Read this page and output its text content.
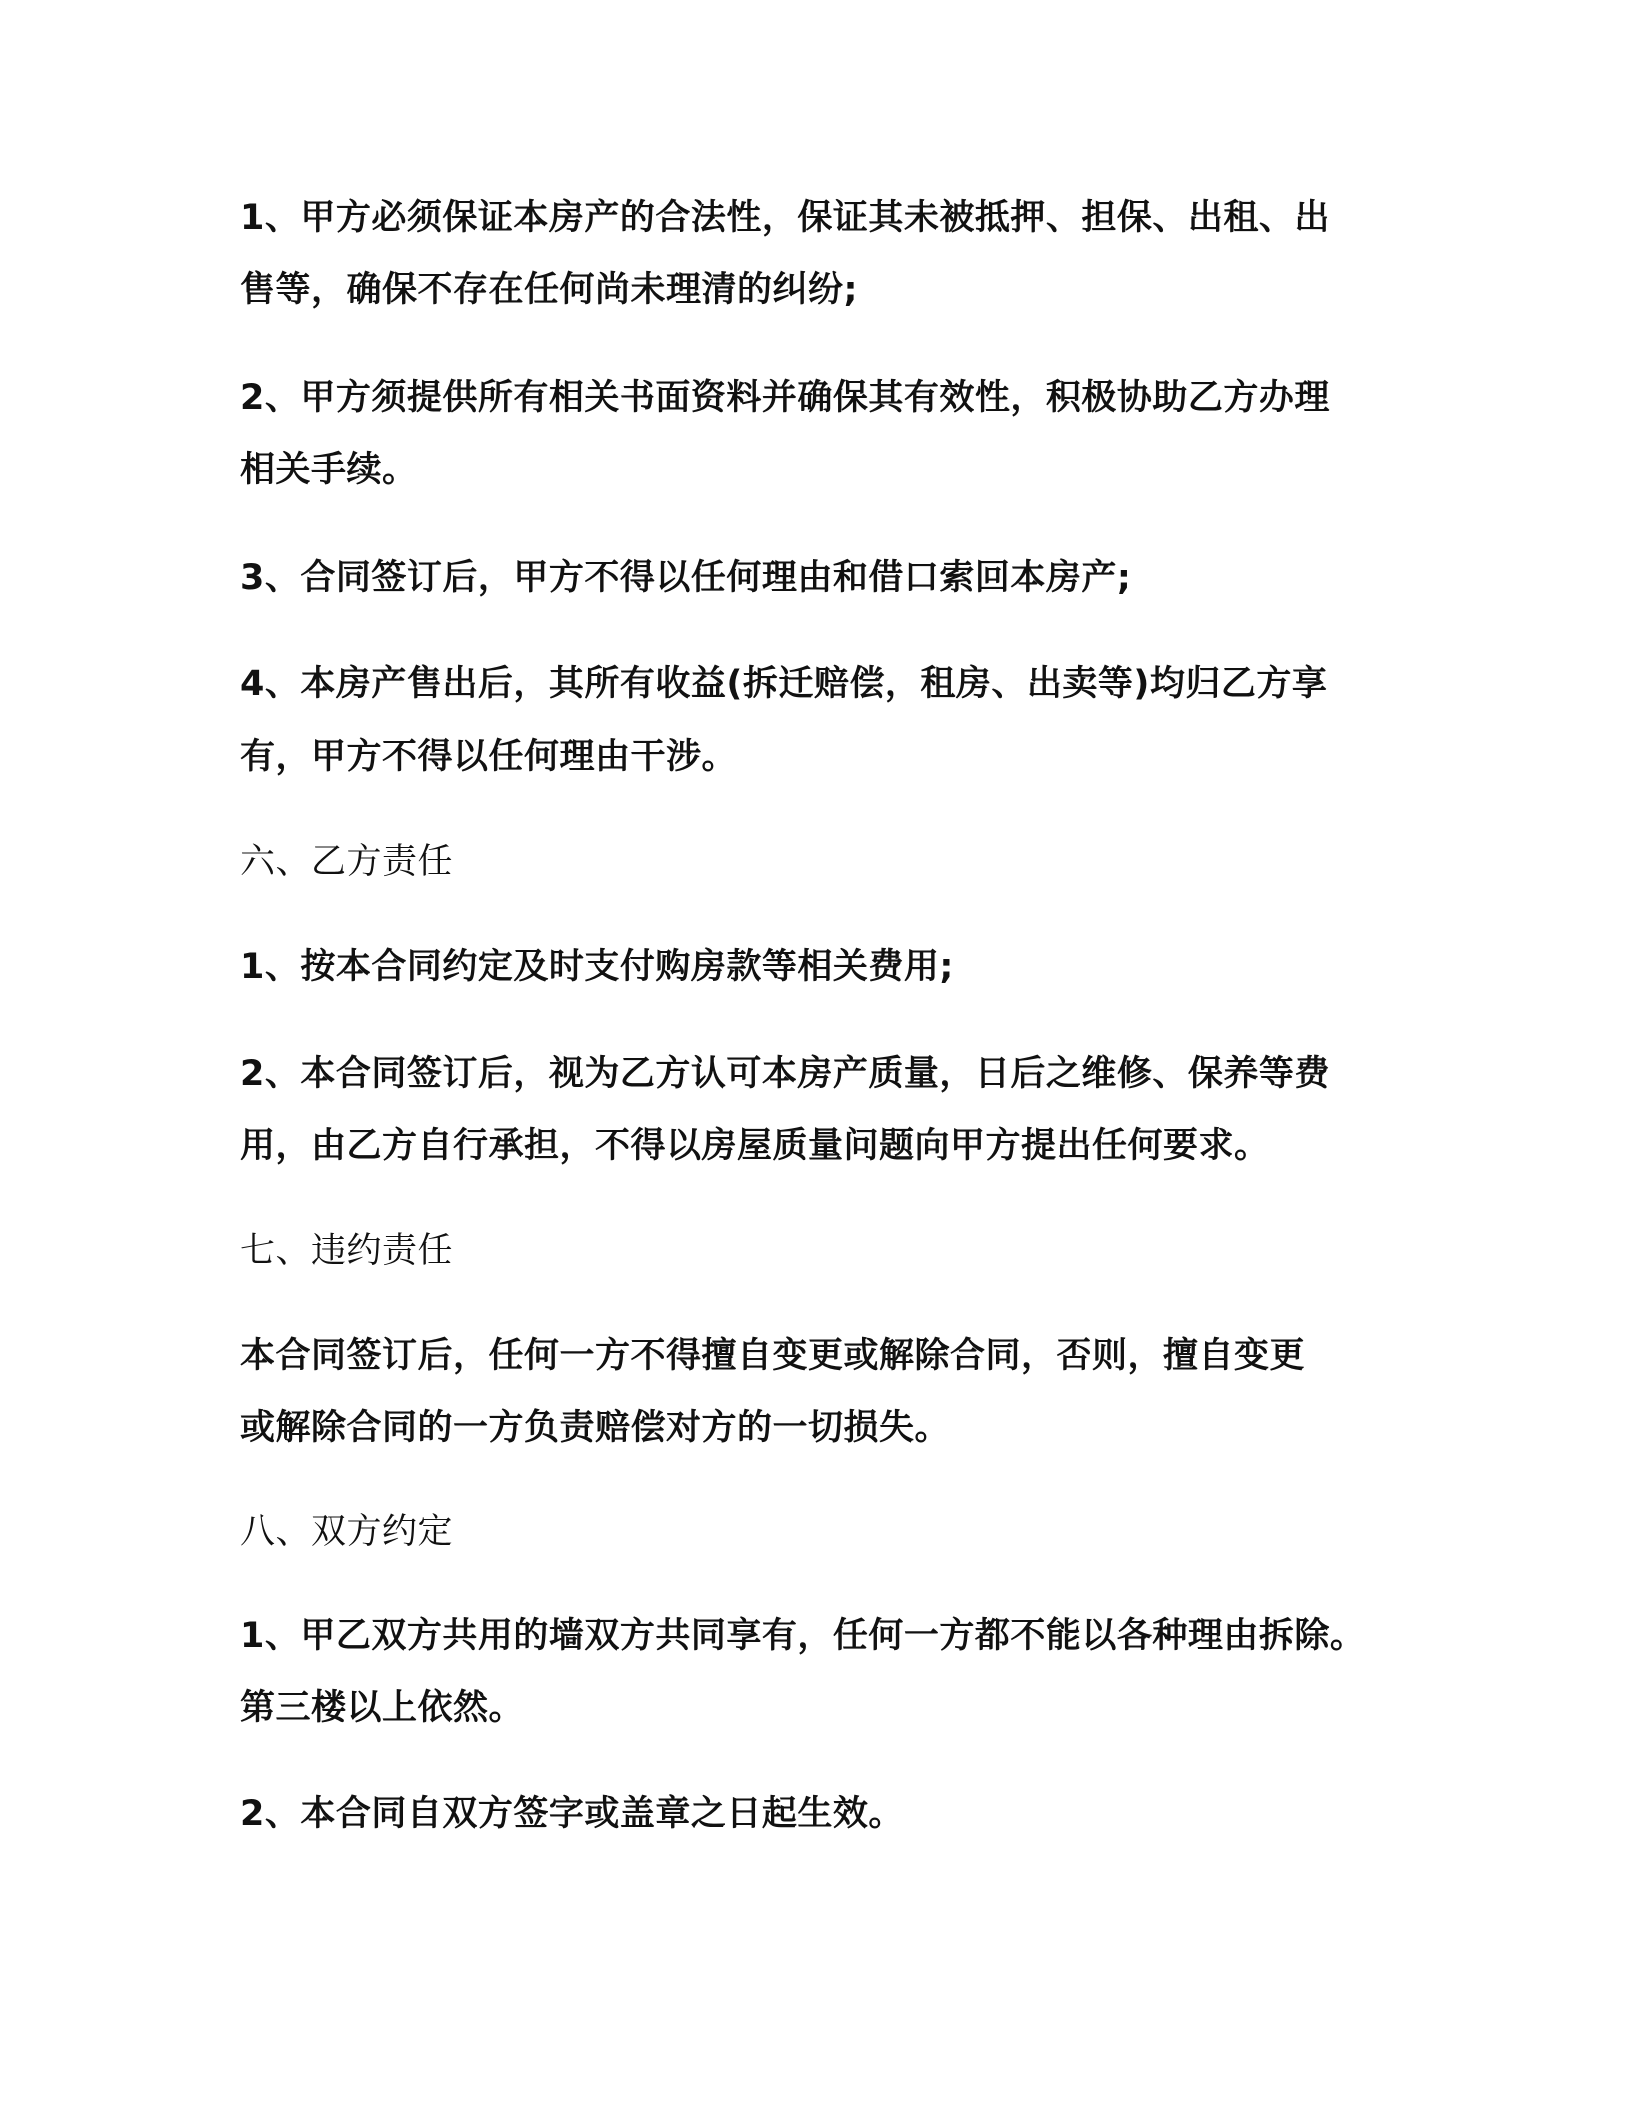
1、甲方必须保证本房产的合法性，保证其未被抵押、担保、出租、出
售等，确保不存在任何尚未理清的纠纷;
2、甲方须提供所有相关书面资料并确保其有效性，积极协助乙方办理
相关手续。
3、合同签订后，甲方不得以任何理由和借口索回本房产;
4、本房产售出后，其所有收益(拆迁赔偿，租房、出卖等)均归乙方享
有，甲方不得以任何理由干涉。
六、乙方责任
1、按本合同约定及时支付购房款等相关费用;
2、本合同签订后，视为乙方认可本房产质量，日后之维修、保养等费
用，由乙方自行承担，不得以房屋质量问题向甲方提出任何要求。
七、违约责任
本合同签订后，任何一方不得擅自变更或解除合同，否则，擅自变更
或解除合同的一方负责赔偿对方的一切损失。
八、双方约定
1、甲乙双方共用的墙双方共同享有，任何一方都不能以各种理由拆除。
第三楼以上依然。
2、本合同自双方签字或盖章之日起生效。
